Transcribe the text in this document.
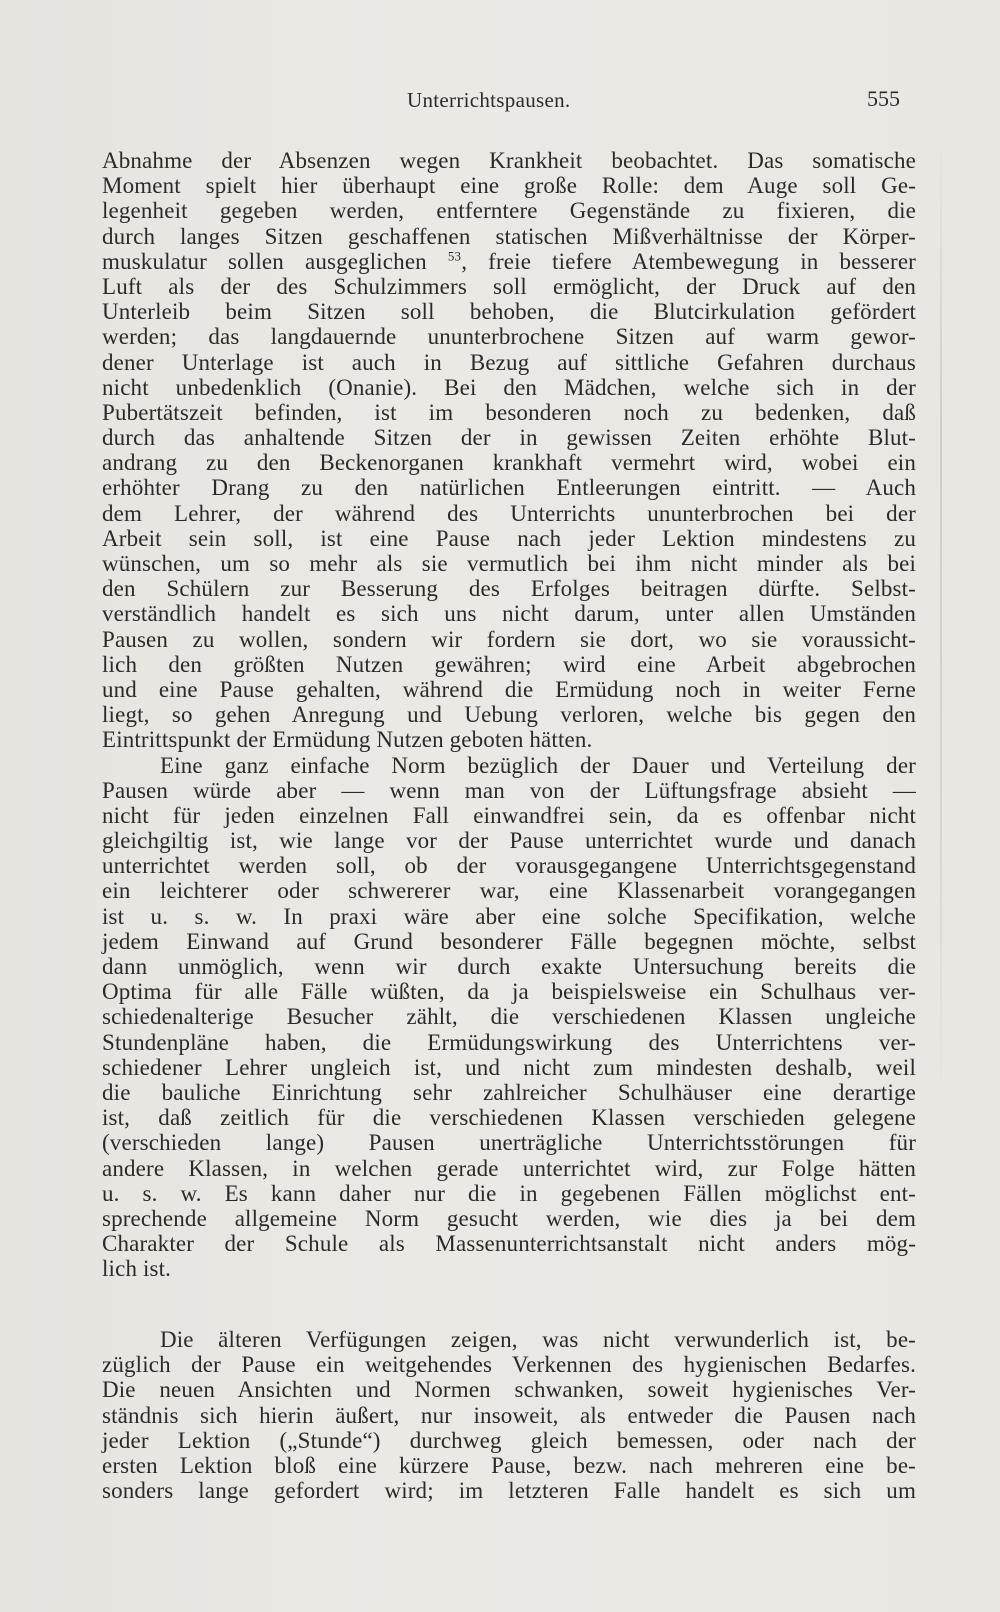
Unterrichtspausen.	555
Abnahme der Absenzen wegen Krankheit beobachtet. Das somatische
Moment spielt hier überhaupt eine große Rolle: dem Auge soll Ge-
legenheit gegeben werden, entferntere Gegenstände zu fixieren, die
durch langes Sitzen geschaffenen statischen Mißverhältnisse der Körper-
muskulatur sollen ausgeglichen $^{53}$, freie tiefere Atembewegung in besserer
Luft als der des Schulzimmers soll ermöglicht, der Druck auf den
Unterleib beim Sitzen soll behoben, die Blutcirkulation gefördert
werden; das langdauernde ununterbrochene Sitzen auf warm gewor-
dener Unterlage ist auch in Bezug auf sittliche Gefahren durchaus
nicht unbedenklich (Onanie). Bei den Mädchen, welche sich in der
Pubertätszeit befinden, ist im besonderen noch zu bedenken, daß
durch das anhaltende Sitzen der in gewissen Zeiten erhöhte Blut-
andrang zu den Beckenorganen krankhaft vermehrt wird, wobei ein
erhöhter Drang zu den natürlichen Entleerungen eintritt. — Auch
dem Lehrer, der während des Unterrichts ununterbrochen bei der
Arbeit sein soll, ist eine Pause nach jeder Lektion mindestens zu
wünschen, um so mehr als sie vermutlich bei ihm nicht minder als bei
den Schülern zur Besserung des Erfolges beitragen dürfte. Selbst-
verständlich handelt es sich uns nicht darum, unter allen Umständen
Pausen zu wollen, sondern wir fordern sie dort, wo sie voraussicht-
lich den größten Nutzen gewähren; wird eine Arbeit abgebrochen
und eine Pause gehalten, während die Ermüdung noch in weiter Ferne
liegt, so gehen Anregung und Uebung verloren, welche bis gegen den
Eintrittspunkt der Ermüdung Nutzen geboten hätten.
Eine ganz einfache Norm bezüglich der Dauer und Verteilung der
Pausen würde aber — wenn man von der Lüftungsfrage absieht —
nicht für jeden einzelnen Fall einwandfrei sein, da es offenbar nicht
gleichgiltig ist, wie lange vor der Pause unterrichtet wurde und danach
unterrichtet werden soll, ob der vorausgegangene Unterrichtsgegenstand
ein leichterer oder schwererer war, eine Klassenarbeit vorangegangen
ist u. s. w. In praxi wäre aber eine solche Specifikation, welche
jedem Einwand auf Grund besonderer Fälle begegnen möchte, selbst
dann unmöglich, wenn wir durch exakte Untersuchung bereits die
Optima für alle Fälle wüßten, da ja beispielsweise ein Schulhaus ver-
schiedenalterige Besucher zählt, die verschiedenen Klassen ungleiche
Stundenpläne haben, die Ermüdungswirkung des Unterrichtens ver-
schiedener Lehrer ungleich ist, und nicht zum mindesten deshalb, weil
die bauliche Einrichtung sehr zahlreicher Schulhäuser eine derartige
ist, daß zeitlich für die verschiedenen Klassen verschieden gelegene
(verschieden lange) Pausen unerträgliche Unterrichtsstörungen für
andere Klassen, in welchen gerade unterrichtet wird, zur Folge hätten
u. s. w. Es kann daher nur die in gegebenen Fällen möglichst ent-
sprechende allgemeine Norm gesucht werden, wie dies ja bei dem
Charakter der Schule als Massenunterrichtsanstalt nicht anders mög-
lich ist.
Die älteren Verfügungen zeigen, was nicht verwunderlich ist, be-
züglich der Pause ein weitgehendes Verkennen des hygienischen Bedarfes.
Die neuen Ansichten und Normen schwanken, soweit hygienisches Ver-
ständnis sich hierin äußert, nur insoweit, als entweder die Pausen nach
jeder Lektion („Stunde“) durchweg gleich bemessen, oder nach der
ersten Lektion bloß eine kürzere Pause, bezw. nach mehreren eine be-
sonders lange gefordert wird; im letzteren Falle handelt es sich um
